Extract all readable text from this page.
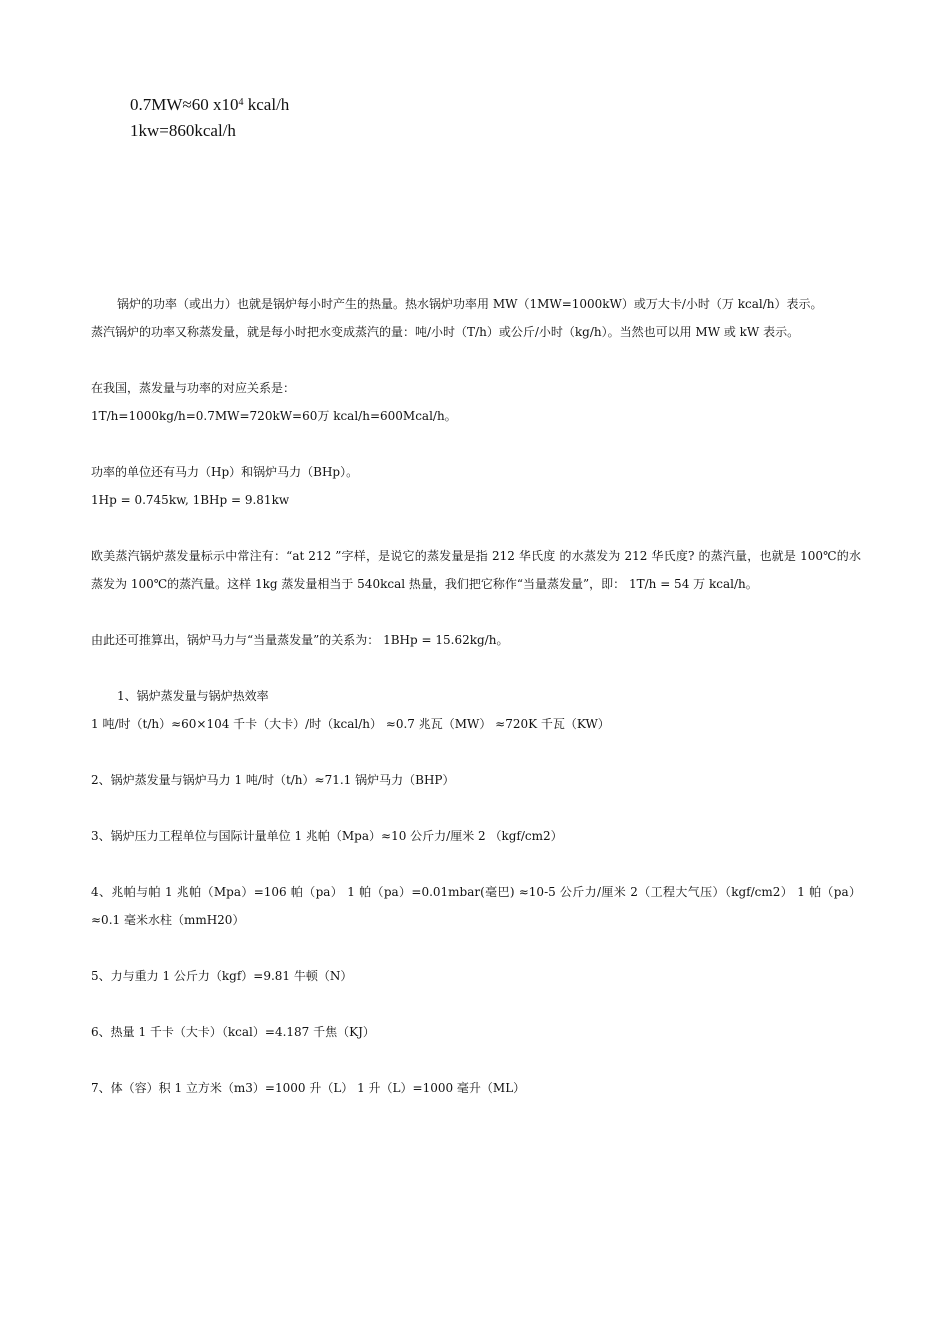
0.7MW≈60 $x10^4$ kcal/h
1kw=860kcal/h

锅炉的功率（或出力）也就是锅炉每小时产生的热量。热水锅炉功率用 MW（1MW=1000kW）或万大卡/小时（万 kcal/h）表示。

蒸汽锅炉的功率又称蒸发量，就是每小时把水变成蒸汽的量：吨/小时（T/h）或公斤/小时（kg/h）。当然也可以用 MW 或 kW 表示。

在我国，蒸发量与功率的对应关系是：

1T/h=1000kg/h=0.7MW=720kW=60万 kcal/h=600Mcal/h。

功率的单位还有马力（Hp）和锅炉马力（BHp）。

1Hp = 0.745kw, 1BHp = 9.81kw

欧美蒸汽锅炉蒸发量标示中常注有：“at 212 ”字样，是说它的蒸发量是指 212 华氏度 的水蒸发为 212 华氏度? 的蒸汽量，也就是 100℃的水蒸发为 100℃的蒸汽量。这样 1kg 蒸发量相当于 540kcal 热量，我们把它称作“当量蒸发量”，即： 1T/h = 54 万 kcal/h。

由此还可推算出，锅炉马力与“当量蒸发量”的关系为： 1BHp = 15.62kg/h。

1、锅炉蒸发量与锅炉热效率

1 吨/时（t/h）≈60×104 千卡（大卡）/时（kcal/h） ≈0.7 兆瓦（MW） ≈720K 千瓦（KW）

2、锅炉蒸发量与锅炉马力 1 吨/时（t/h）≈71.1 锅炉马力（BHP）

3、锅炉压力工程单位与国际计量单位 1 兆帕（Mpa）≈10 公斤力/厘米 2 （kgf/cm2）

4、兆帕与帕 1 兆帕（Mpa）=106 帕（pa） 1 帕（pa）=0.01mbar(毫巴) ≈10-5 公斤力/厘米 2（工程大气压）（kgf/cm2） 1 帕（pa）≈0.1 毫米水柱（mmH20）

5、力与重力 1 公斤力（kgf）=9.81 牛顿（N）

6、热量 1 千卡（大卡）（kcal）=4.187 千焦（KJ）

7、体（容）积 1 立方米（m3）=1000 升（L） 1 升（L）=1000 毫升（ML）
